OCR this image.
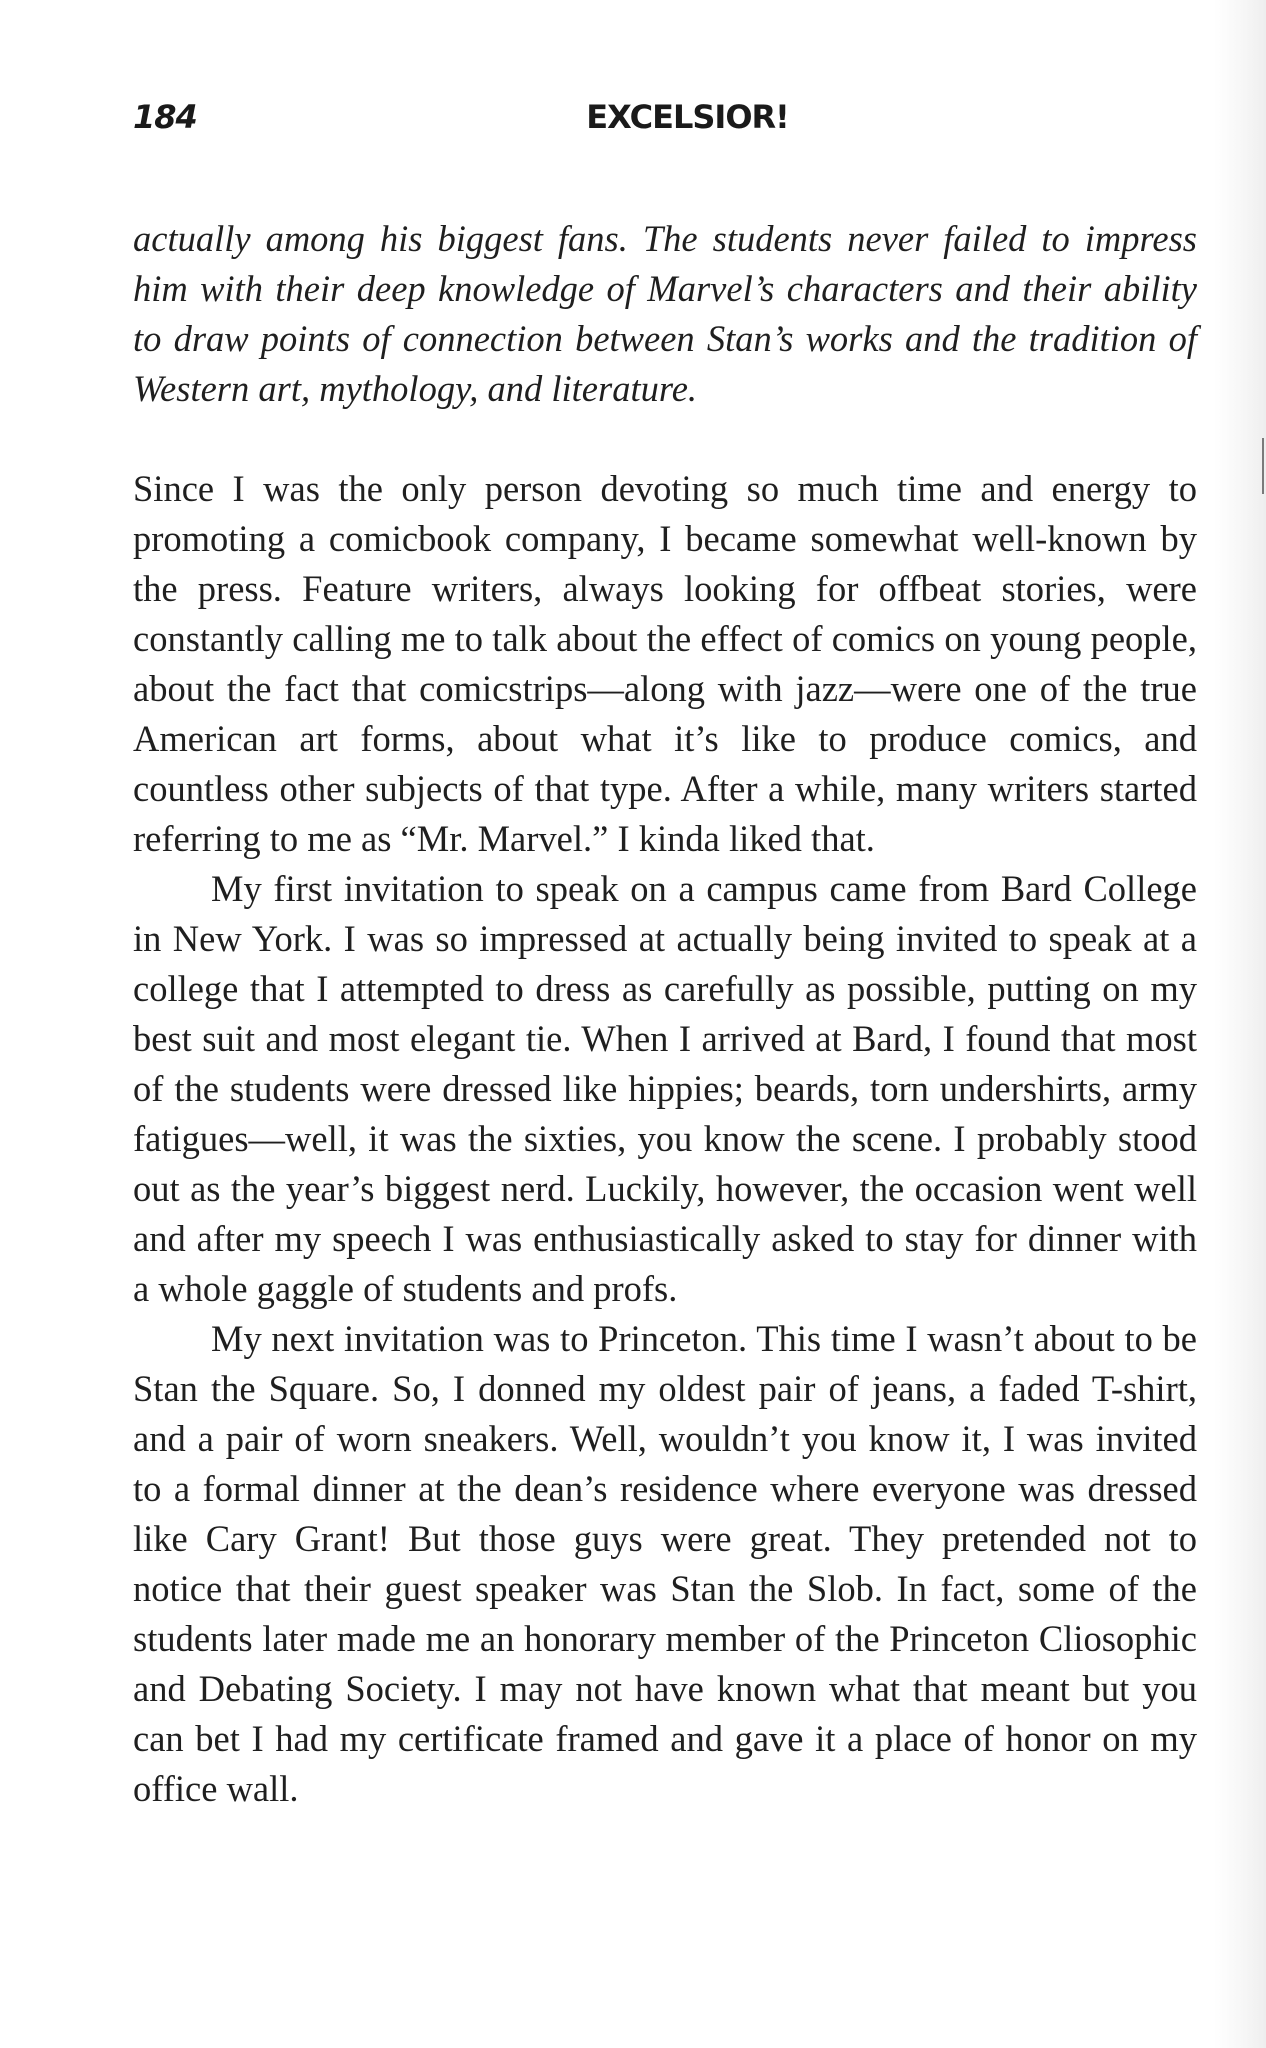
184	EXCELSIOR!

actually among his biggest fans. The students never failed to impress him with their deep knowledge of Marvel’s characters and their ability to draw points of connection between Stan’s works and the tradition of Western art, mythology, and literature.

Since I was the only person devoting so much time and energy to promoting a comicbook company, I became somewhat well-known by the press. Feature writers, always looking for offbeat stories, were constantly calling me to talk about the effect of comics on young people, about the fact that comicstrips—along with jazz—were one of the true American art forms, about what it’s like to produce comics, and countless other subjects of that type. After a while, many writers started referring to me as “Mr. Marvel.” I kinda liked that.

My first invitation to speak on a campus came from Bard College in New York. I was so impressed at actually being invited to speak at a college that I attempted to dress as carefully as possible, putting on my best suit and most elegant tie. When I arrived at Bard, I found that most of the students were dressed like hippies; beards, torn undershirts, army fatigues—well, it was the sixties, you know the scene. I probably stood out as the year’s biggest nerd. Luckily, however, the occasion went well and after my speech I was enthusiastically asked to stay for dinner with a whole gaggle of students and profs.

My next invitation was to Princeton. This time I wasn’t about to be Stan the Square. So, I donned my oldest pair of jeans, a faded T-shirt, and a pair of worn sneakers. Well, wouldn’t you know it, I was invited to a formal dinner at the dean’s residence where everyone was dressed like Cary Grant! But those guys were great. They pretended not to notice that their guest speaker was Stan the Slob. In fact, some of the students later made me an honorary member of the Princeton Cliosophic and Debating Society. I may not have known what that meant but you can bet I had my certificate framed and gave it a place of honor on my office wall.
